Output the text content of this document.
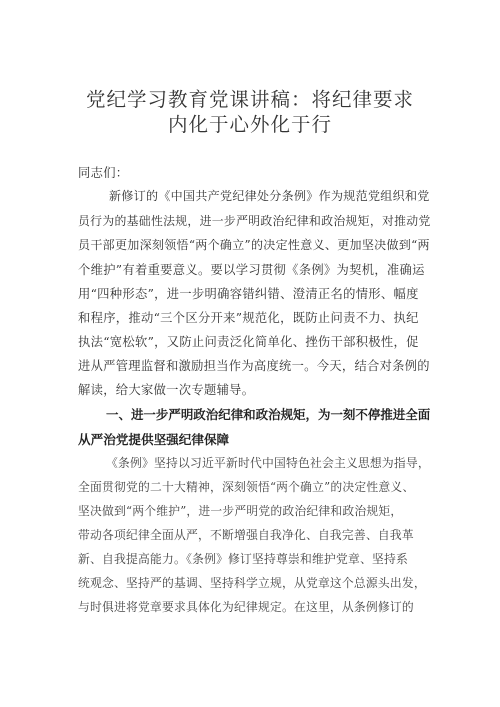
党纪学习教育党课讲稿：将纪律要求
内化于心外化于行
同志们：
新修订的《中国共产党纪律处分条例》作为规范党组织和党
员行为的基础性法规，进一步严明政治纪律和政治规矩，对推动党
员干部更加深刻领悟“两个确立”的决定性意义、更加坚决做到“两
个维护”有着重要意义。要以学习贯彻《条例》为契机，准确运
用“四种形态”，进一步明确容错纠错、澄清正名的情形、幅度
和程序，推动“三个区分开来”规范化，既防止问责不力、执纪
执法“宽松软”，又防止问责泛化简单化、挫伤干部积极性，促
进从严管理监督和激励担当作为高度统一。今天，结合对条例的
解读，给大家做一次专题辅导。
一、进一步严明政治纪律和政治规矩，为一刻不停推进全面
从严治党提供坚强纪律保障
《条例》坚持以习近平新时代中国特色社会主义思想为指导，
全面贯彻党的二十大精神，深刻领悟“两个确立”的决定性意义、
坚决做到“两个维护”，进一步严明党的政治纪律和政治规矩，
带动各项纪律全面从严，不断增强自我净化、自我完善、自我革
新、自我提高能力。《条例》修订坚持尊崇和维护党章、坚持系
统观念、坚持严的基调、坚持科学立规，从党章这个总源头出发，
与时俱进将党章要求具体化为纪律规定。在这里，从条例修订的
